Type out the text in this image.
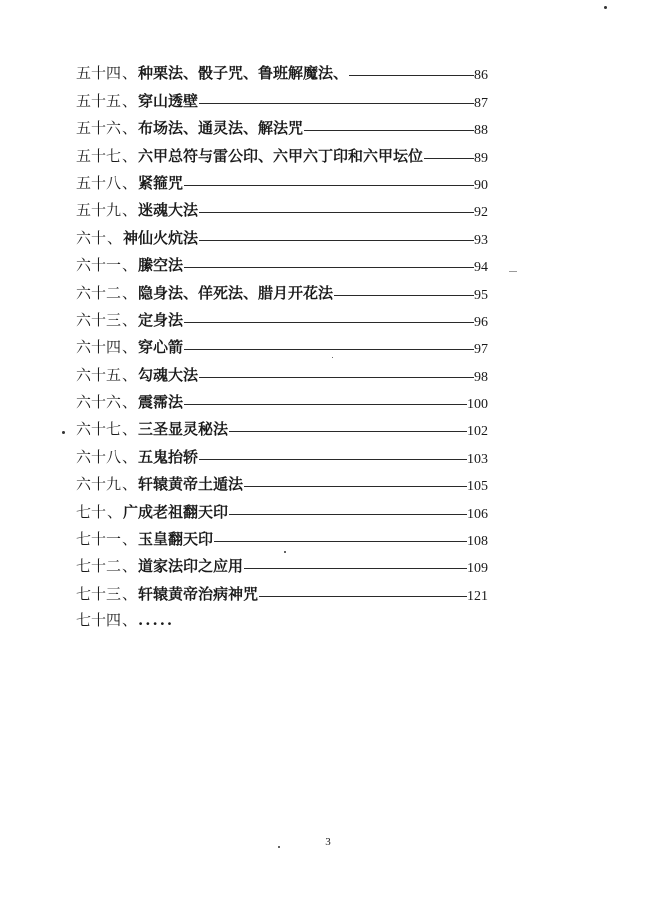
五十四 、 种栗法、骰子咒、鲁班解魔法、	86
五十五 、 穿山透壁	87
五十六 、 布场法、通灵法、解法咒	88
五十七 、 六甲总符与雷公印、六甲六丁印和六甲坛位	89
五十八 、 紧箍咒	90
五十九 、 迷魂大法	92
六十 、 神仙火炕法	93
六十一 、 縢空法	94
六十二 、 隐身法、佯死法、腊月开花法	95
六十三 、 定身法	96
六十四 、 穿心箭	97
六十五 、 勾魂大法	98
六十六 、 震霈法	100
六十七 、 三圣显灵秘法	102
六十八 、 五鬼抬轿	103
六十九 、 轩辕黄帝土遁法	105
七十 、 广成老祖翻天印	106
七十一 、 玉皇翻天印	108
七十二 、 道家法印之应用	109
七十三 、 轩辕黄帝治病神咒	121
七十四 、 .....
3
